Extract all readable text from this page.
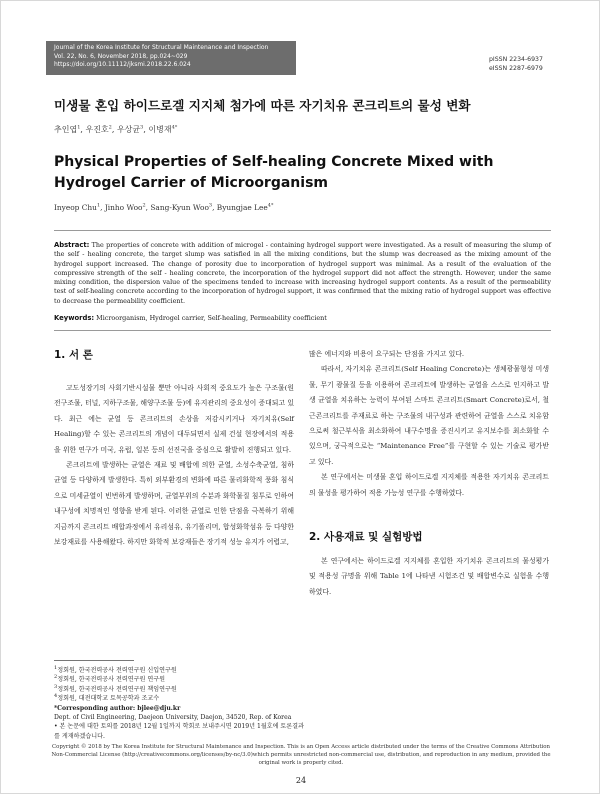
Journal of the Korea Institute for Structural Maintenance and Inspection
Vol. 22, No. 6, November 2018, pp.024~029
https://doi.org/10.11112/jksmi.2018.22.6.024
pISSN 2234-6937
eISSN 2287-6979
미생물 혼입 하이드로겔 지지체 첨가에 따른 자기치유 콘크리트의 물성 변화
추인엽$^1$, 우진호$^2$, 우상균$^3$, 이병재$^{4*}$
Physical Properties of Self-healing Concrete Mixed with Hydrogel Carrier of Microorganism
Inyeop Chu$^1$, Jinho Woo$^2$, Sang-Kyun Woo$^3$, Byungjae Lee$^{4*}$
Abstract: The properties of concrete with addition of microgel - containing hydrogel support were investigated. As a result of measuring the slump of the self - healing concrete, the target slump was satisfied in all the mixing conditions, but the slump was decreased as the mixing amount of the hydrogel support increased. The change of porosity due to incorporation of hydrogel support was minimal. As a result of the evaluation of the compressive strength of the self - healing concrete, the incorporation of the hydrogel support did not affect the strength. However, under the same mixing condition, the dispersion value of the specimens tended to increase with increasing hydrogel support contents. As a result of the permeability test of self-healing concrete according to the incorporation of hydrogel support, it was confirmed that the mixing ratio of hydrogel support was effective to decrease the permeability coefficient.
Keywords: Microorganism, Hydrogel carrier, Self-healing, Permeability coefficient
1. 서 론

고도성장기의 사회기반시설물 뿐만 아니라 사회적 중요도가 높은 구조물(원전구조물, 터널, 지하구조물, 해양구조물 등)에 유지관리의 중요성이 증대되고 있다. 최근 에는 균열 등 콘크리트의 손상을 저감시키거나 자기치유(Self Healing)할 수 있는 콘크리트의 개념이 대두되면서 실제 건설 현장에서의 적용을 위한 연구가 미국, 유럽, 일본 등의 선진국을 중심으로 활발히 진행되고 있다.

콘크리트에 발생하는 균열은 재료 및 배합에 의한 균열, 소성수축균열, 침하균열 등 다양하게 발생한다. 특히 외부환경의 변화에 따른 물리화학적 풍화 침식으로 미세균열이 빈번하게 발생하며, 균열부위의 수분과 화학물질 침투로 인하여 내구성에 치명적인 영향을 받게 된다. 이러한 균열로 인한 단점을 극복하기 위해 지금까지 콘크리트 배합과정에서 유리섬유, 유기폴리머, 합성화학섬유 등 다양한 보강재료를 사용해왔다. 하지만 화학적 보강재들은 장기적 성능 유지가 어렵고,

많은 에너지와 비용이 요구되는 단점을 가지고 있다.

따라서, 자기치유 콘크리트(Self Healing Concrete)는 생체광물형성 미생물, 무기 광물질 등을 이용하여 콘크리트에 발생하는 균열을 스스로 인지하고 발생 균열을 치유하는 능력이 부여된 스마트 콘크리트(Smart Concrete)로서, 철근콘크리트를 주재료로 하는 구조물의 내구성과 관련하여 균열을 스스로 치유함으로써 철근부식을 최소화하여 내구수명을 증진시키고 유지보수를 최소화할 수 있으며, 궁극적으로는 “Maintenance Free”를 구현할 수 있는 기술로 평가받고 있다.

본 연구에서는 미생물 혼입 하이드로겔 지지체를 적용한 자기치유 콘크리트의 물성을 평가하여 적용 가능성 연구를 수행하였다.

2. 사용재료 및 실험방법

본 연구에서는 하이드로겔 지지체를 혼입한 자기치유 콘크리트의 물성평가 및 적용성 규명을 위해 Table 1에 나타낸 시험조건 및 배합변수로 실험을 수행하였다.

$^1$정회원, 한국전력공사 전력연구원 신입연구원
$^2$정회원, 한국전력공사 전력연구원 연구원
$^3$정회원, 한국전력공사 전력연구원 책임연구원
$^4$정회원, 대전대학교 토목공학과 조교수
*Corresponding author: bjlee@dju.kr
Dept. of Civil Engineering, Daejeon University, Daejon, 34520, Rep. of Korea
• 본 논문에 대한 토의를 2018년 12월 1일까지 학회로 보내주시면 2019년 1월호에 토론결과를 게재하겠습니다.
Copyright © 2018 by The Korea Institute for Structural Maintenance and Inspection. This is an Open Access article distributed under the terms of the Creative Commons Attribution Non-Commercial License (http://creativecommons.org/licenses/by-nc/3.0)which permits unrestricted non-commercial use, distribution, and reproduction in any medium, provided the original work is properly cited.
24
